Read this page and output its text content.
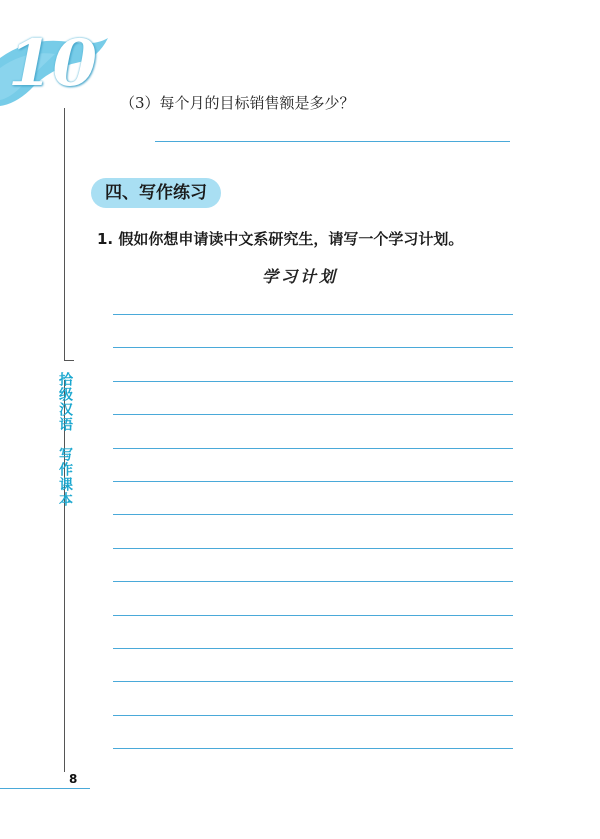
10
拾级汉语　写作课本
（3）每个月的目标销售额是多少？
四、写作练习
1. 假如你想申请读中文系研究生，请写一个学习计划。
学习计划
8
